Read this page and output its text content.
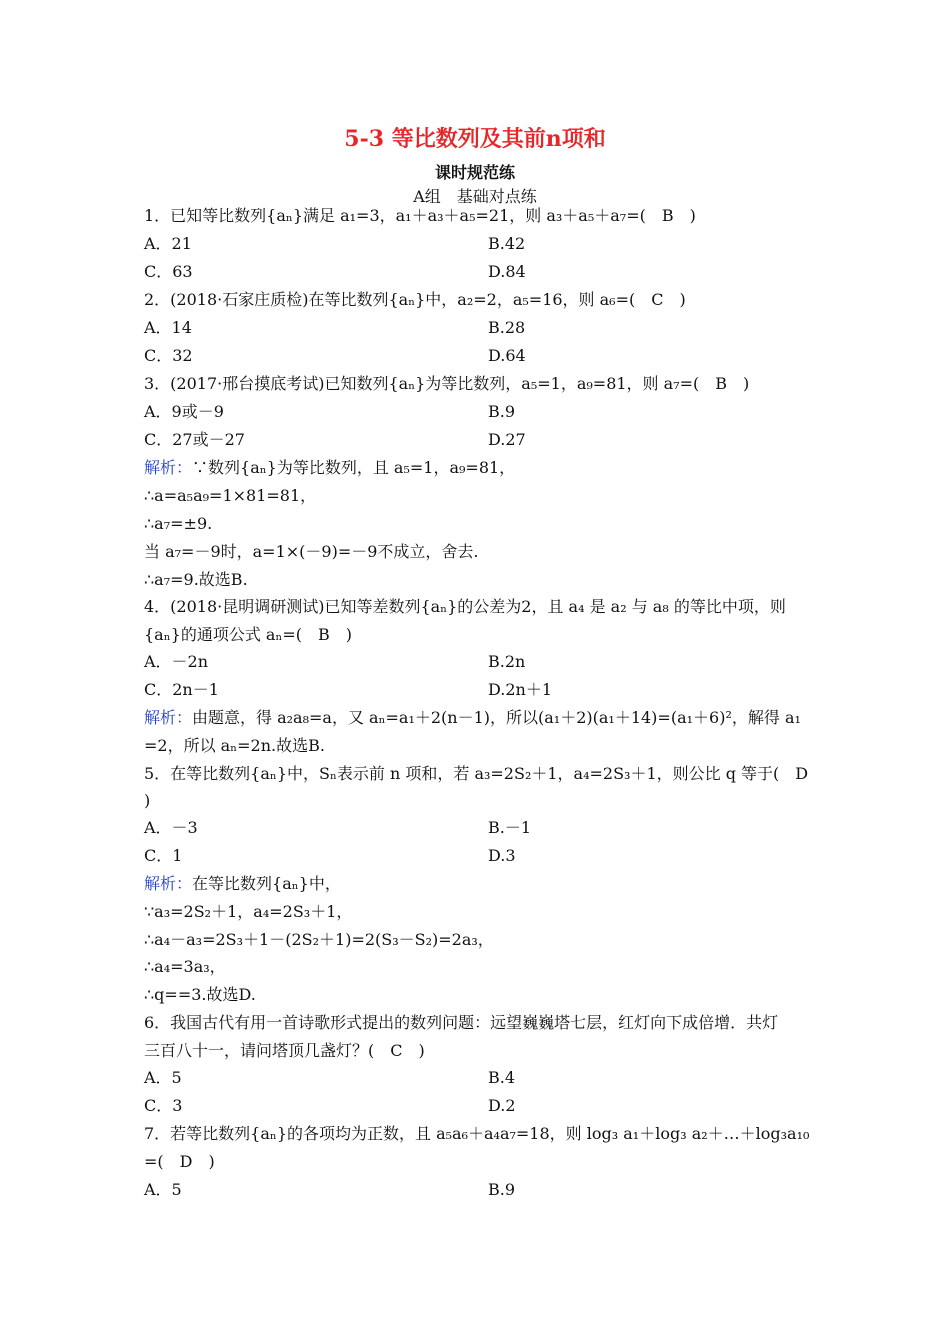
5-3 等比数列及其前n项和
课时规范练
A组　基础对点练
1．已知等比数列{aₙ}满足 a₁=3，a₁＋a₃＋a₅=21，则 a₃＋a₅＋a₇=(　B　)
A．21	B.42
C．63	D.84
2．(2018·石家庄质检)在等比数列{aₙ}中，a₂=2，a₅=16，则 a₆=(　C　)
A．14	B.28
C．32	D.64
3．(2017·邢台摸底考试)已知数列{aₙ}为等比数列，a₅=1，a₉=81，则 a₇=(　B　)
A．9或－9	B.9
C．27或－27	D.27
解析：∵数列{aₙ}为等比数列，且 a₅=1，a₉=81，
∴a=a₅a₉=1×81=81，
∴a₇=±9.
当 a₇=－9时，a=1×(－9)=－9不成立，舍去.
∴a₇=9.故选B.
4．(2018·昆明调研测试)已知等差数列{aₙ}的公差为2，且 a₄ 是 a₂ 与 a₈ 的等比中项，则
{aₙ}的通项公式 aₙ=(　B　)
A．－2n	B.2n
C．2n－1	D.2n＋1
解析：由题意，得 a₂a₈=a，又 aₙ=a₁＋2(n－1)，所以(a₁＋2)(a₁＋14)=(a₁＋6)²，解得 a₁
=2，所以 aₙ=2n.故选B.
5．在等比数列{aₙ}中，Sₙ表示前 n 项和，若 a₃=2S₂＋1，a₄=2S₃＋1，则公比 q 等于(　D
)
A．－3	B.－1
C．1	D.3
解析：在等比数列{aₙ}中，
∵a₃=2S₂＋1，a₄=2S₃＋1，
∴a₄－a₃=2S₃＋1－(2S₂＋1)=2(S₃－S₂)=2a₃，
∴a₄=3a₃，
∴q==3.故选D.
6．我国古代有用一首诗歌形式提出的数列问题：远望巍巍塔七层，红灯向下成倍增．共灯
三百八十一，请问塔顶几盏灯？(　C　)
A．5	B.4
C．3	D.2
7．若等比数列{aₙ}的各项均为正数，且 a₅a₆＋a₄a₇=18，则 log₃ a₁＋log₃ a₂＋…＋log₃a₁₀
=(　D　)
A．5	B.9
